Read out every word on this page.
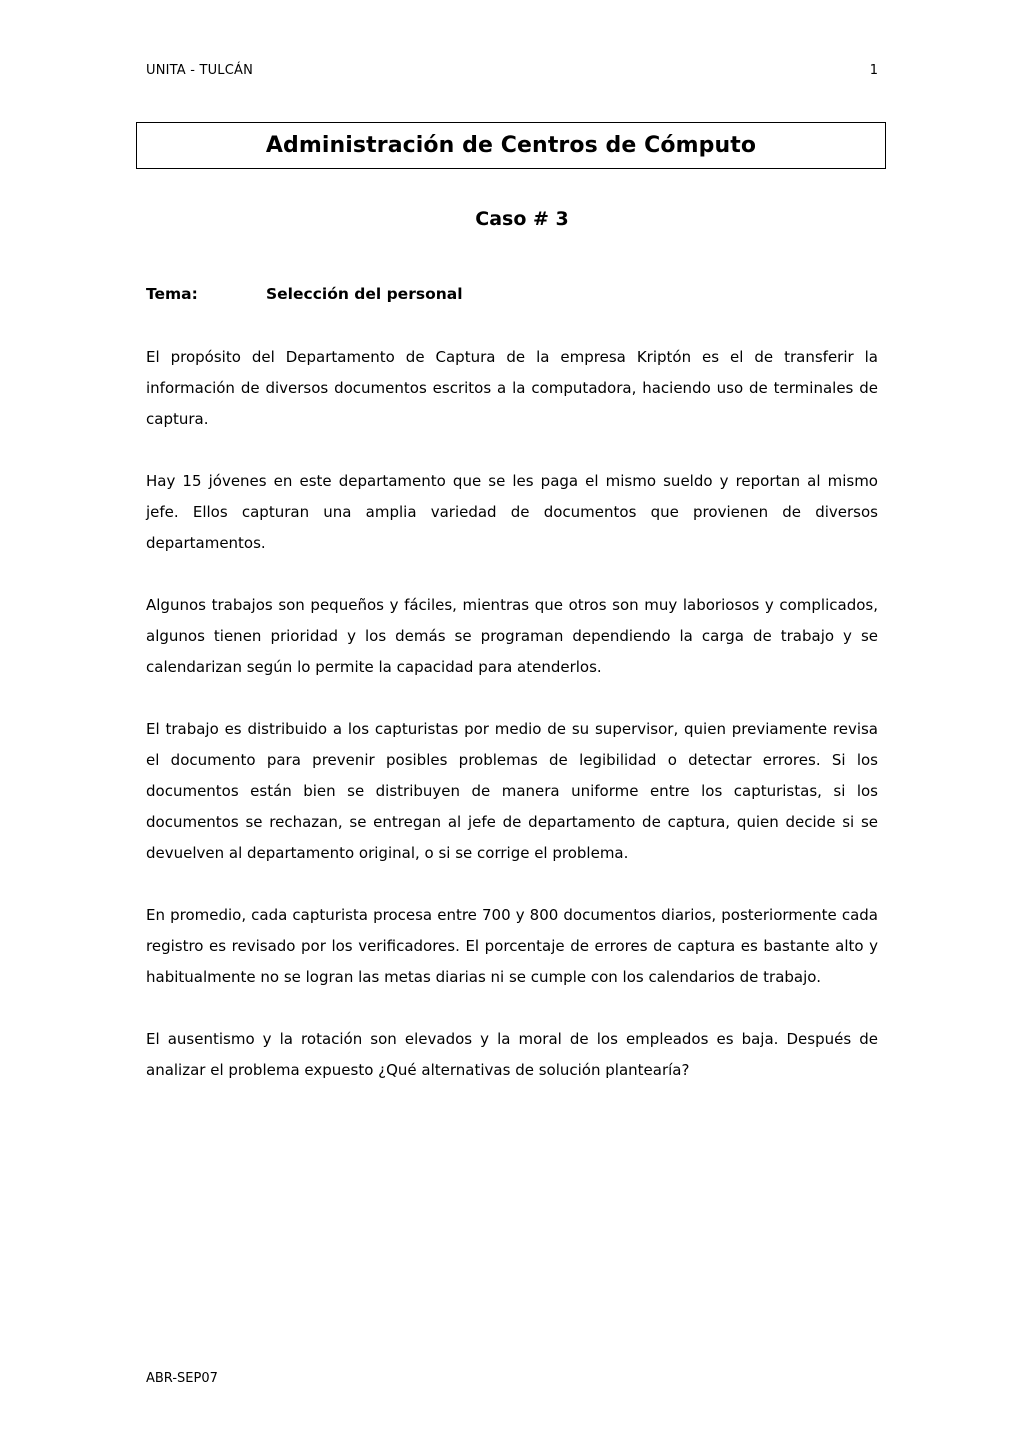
UNITA - TULCÁN	1
Administración de Centros de Cómputo
Caso # 3
Tema:	Selección del personal

El propósito del Departamento de Captura de la empresa Kriptón es el de transferir la información de diversos documentos escritos a la computadora, haciendo uso de terminales de captura.

Hay 15 jóvenes en este departamento que se les paga el mismo sueldo y reportan al mismo jefe. Ellos capturan una amplia variedad de documentos que provienen de diversos departamentos.

Algunos trabajos son pequeños y fáciles, mientras que otros son muy laboriosos y complicados, algunos tienen prioridad y los demás se programan dependiendo la carga de trabajo y se calendarizan según lo permite la capacidad para atenderlos.

El trabajo es distribuido a los capturistas por medio de su supervisor, quien previamente revisa el documento para prevenir posibles problemas de legibilidad o detectar errores. Si los documentos están bien se distribuyen de manera uniforme entre los capturistas, si los documentos se rechazan, se entregan al jefe de departamento de captura, quien decide si se devuelven al departamento original, o si se corrige el problema.

En promedio, cada capturista procesa entre 700 y 800 documentos diarios, posteriormente cada registro es revisado por los verificadores. El porcentaje de errores de captura es bastante alto y habitualmente no se logran las metas diarias ni se cumple con los calendarios de trabajo.

El ausentismo y la rotación son elevados y la moral de los empleados es baja. Después de analizar el problema expuesto ¿Qué alternativas de solución plantearía?

ABR-SEP07
